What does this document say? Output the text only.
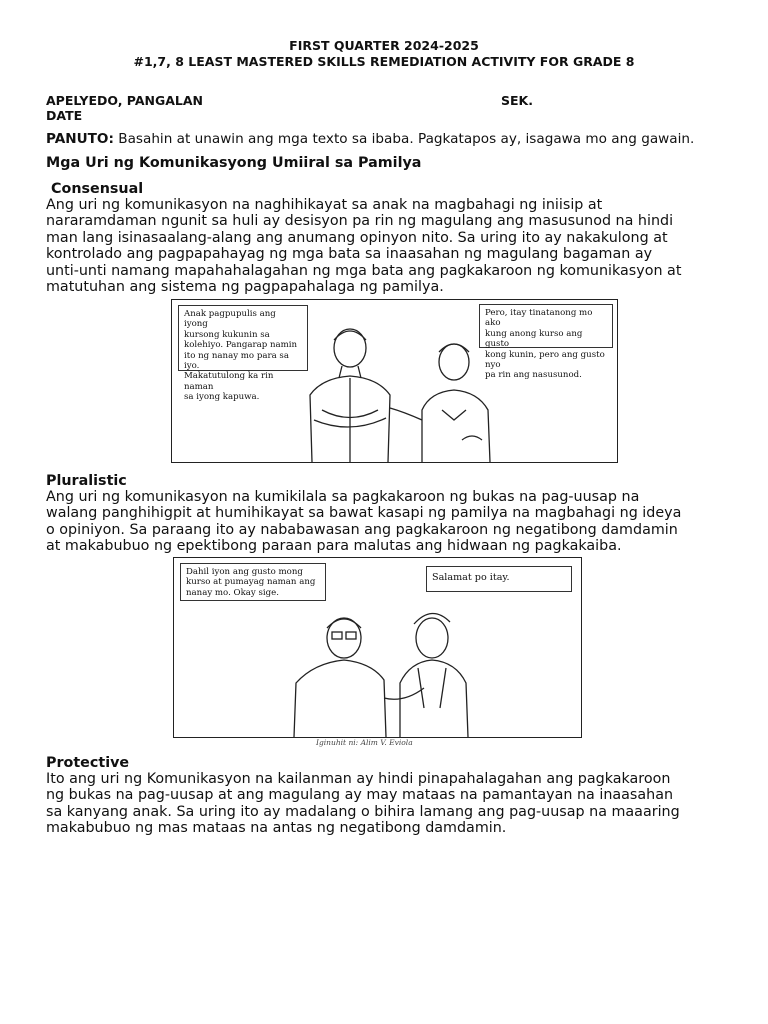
FIRST QUARTER 2024-2025
#1,7, 8 LEAST MASTERED SKILLS REMEDIATION ACTIVITY FOR GRADE 8
APELYEDO, PANGALAN	SEK.
DATE
PANUTO: Basahin at unawin ang mga texto sa ibaba. Pagkatapos ay, isagawa mo ang gawain.
Mga Uri ng Komunikasyong Umiiral sa Pamilya
Consensual
Ang uri ng komunikasyon na naghihikayat sa anak na magbahagi ng iniisip at
nararamdaman ngunit sa huli ay desisyon pa rin ng magulang ang masusunod na hindi
man lang isinasaalang-alang ang anumang opinyon nito. Sa uring ito ay nakakulong at
kontrolado ang pagpapahayag ng mga bata sa inaasahan ng magulang bagaman ay
unti-unti namang mapahahalagahan ng mga bata ang pagkakaroon ng komunikasyon at
matutuhan ang sistema ng pagpapahalaga ng pamilya.
Anak pagpupulis ang iyong
kursong kukunin sa
kolehiyo. Pangarap namin
ito ng nanay mo para sa iyo.
Makatutulong ka rin naman
sa iyong kapuwa.
Pero, itay tinatanong mo ako
kung anong kurso ang gusto
kong kunin, pero ang gusto nyo
pa rin ang nasusunod.
Pluralistic
Ang uri ng komunikasyon na kumikilala sa pagkakaroon ng bukas na pag-uusap na
walang panghihigpit at humihikayat sa bawat kasapi ng pamilya na magbahagi ng ideya
o opiniyon. Sa paraang ito ay nababawasan ang pagkakaroon ng negatibong damdamin
at makabubuo ng epektibong paraan para malutas ang hidwaan ng pagkakaiba.
Dahil iyon ang gusto mong
kurso at pumayag naman ang
nanay mo. Okay sige.
Salamat po itay.
Iginuhit ni: Alim V. Eviola
Protective
Ito ang uri ng Komunikasyon na kailanman ay hindi pinapahalagahan ang pagkakaroon
ng bukas na pag-uusap at ang magulang ay may mataas na pamantayan na inaasahan
sa kanyang anak. Sa uring ito ay madalang o bihira lamang ang pag-uusap na maaaring
makabubuo ng mas mataas na antas ng negatibong damdamin.
